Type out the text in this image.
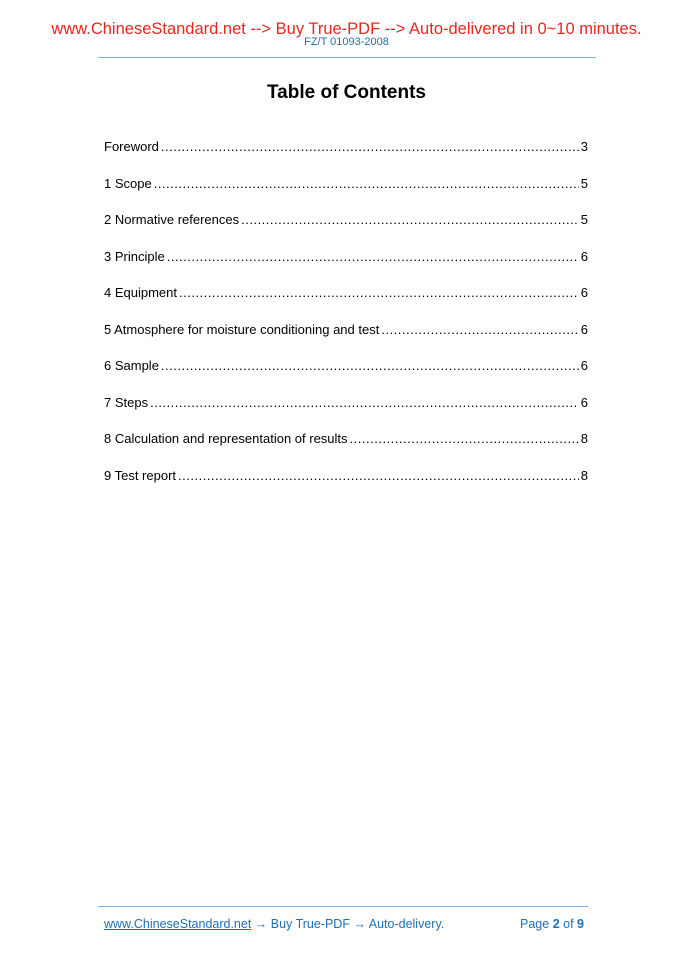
www.ChineseStandard.net --> Buy True-PDF --> Auto-delivered in 0~10 minutes.
FZ/T 01093-2008
Table of Contents
Foreword .....	3
1 Scope .....	5
2 Normative references .....	5
3 Principle .....	6
4 Equipment .....	6
5 Atmosphere for moisture conditioning and test .....	6
6 Sample .....	6
7 Steps .....	6
8 Calculation and representation of results .....	8
9 Test report .....	8
www.ChineseStandard.net → Buy True-PDF → Auto-delivery.	Page 2 of 9
